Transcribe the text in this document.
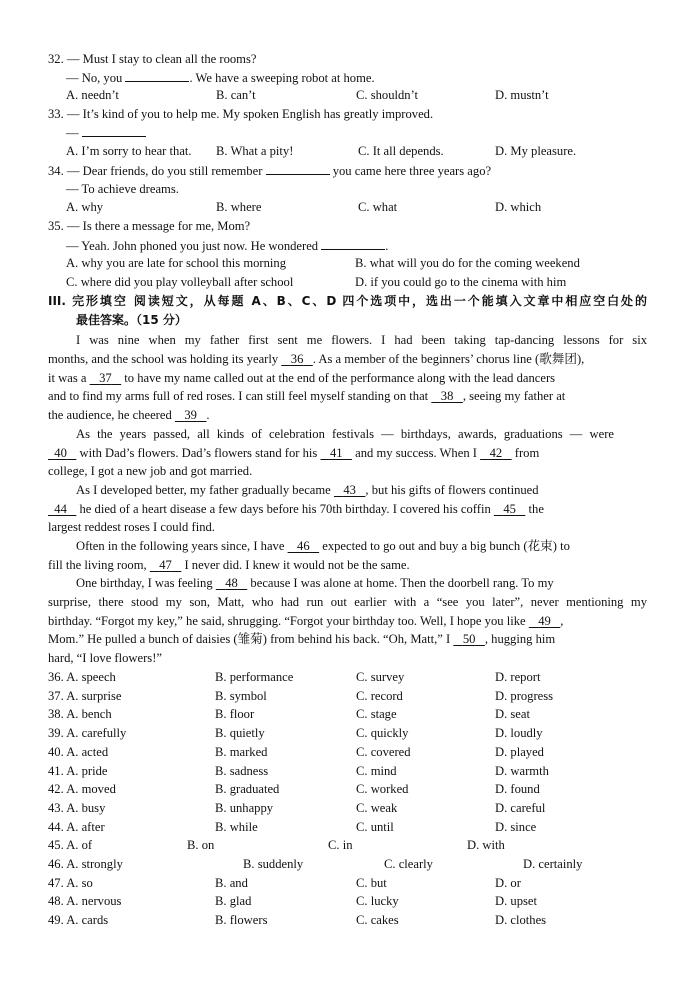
32. — Must I stay to clean all the rooms?
— No, you	. We have a sweeping robot at home.
A. needn’t	B. can’t	C. shouldn’t	D. mustn’t
33. — It’s kind of you to help me. My spoken English has greatly improved.
—
A. I’m sorry to hear that. B. What a pity!	C. It all depends.	D. My pleasure.
34. — Dear friends, do you still remember	you came here three years ago?
— To achieve dreams.
A. why	B. where	C. what	D. which
35. — Is there a message for me, Mom?
— Yeah. John phoned you just now. He wondered	.
A. why you are late for school this morning	B. what will you do for the coming weekend
C. where did you play volleyball after school	D. if you could go to the cinema with him
III. 完形填空 阅读短文，从每题 A、B、C、D 四个选项中，选出一个能填入文章中相应空白处的
最佳答案。（15 分）
I was nine when my father first sent me flowers. I had been taking tap-dancing lessons for six
months, and the school was holding its yearly    36 . As a member of the beginners’ chorus line (歌舞团),
it was a    37    to have my name called out at the end of the performance along with the lead dancers
and to find my arms full of red roses. I can still feel myself standing on that    38 , seeing my father at
the audience, he cheered    39 .
As the years passed, all kinds of celebration festivals — birthdays, awards, graduations — were
40    with Dad’s flowers. Dad’s flowers stand for his    41    and my success. When I    42    from
college, I got a new job and got married.
As I developed better, my father gradually became    43 , but his gifts of flowers continued
44    he died of a heart disease a few days before his 70th birthday. I covered his coffin    45    the
largest reddest roses I could find.
Often in the following years since, I have    46    expected to go out and buy a big bunch (花束) to
fill the living room,    47    I never did. I knew it would not be the same.
One birthday, I was feeling    48    because I was alone at home. Then the doorbell rang. To my
surprise, there stood my son, Matt, who had run out earlier with a “see you later”, never mentioning my
birthday. “Forgot my key,” he said, shrugging. “Forgot your birthday too. Well, I hope you like    49 ,
Mom.” He pulled a bunch of daisies (雏菊) from behind his back. “Oh, Matt,” I    50 , hugging him
hard, “I love flowers!”
36. A. speech	B. performance	C. survey	D. report
37. A. surprise	B. symbol	C. record	D. progress
38. A. bench	B. floor	C. stage	D. seat
39. A. carefully	B. quietly	C. quickly	D. loudly
40. A. acted	B. marked	C. covered	D. played
41. A. pride	B. sadness	C. mind	D. warmth
42. A. moved	B. graduated	C. worked	D. found
43. A. busy	B. unhappy	C. weak	D. careful
44. A. after	B. while	C. until	D. since
45. A. of	B. on	C. in	D. with
46. A. strongly	B. suddenly	C. clearly	D. certainly
47. A. so	B. and	C. but	D. or
48. A. nervous	B. glad	C. lucky	D. upset
49. A. cards	B. flowers	C. cakes	D. clothes
